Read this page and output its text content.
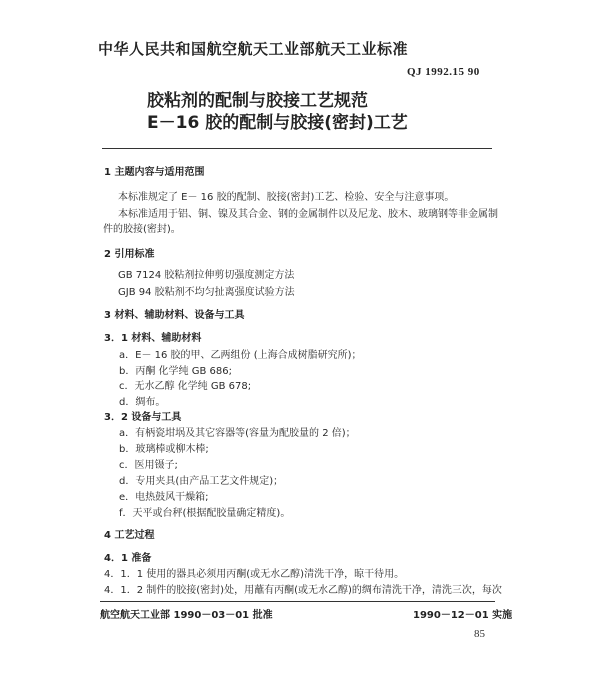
中华人民共和国航空航天工业部航天工业标准
QJ 1992.15 90
胶粘剂的配制与胶接工艺规范
E－16 胶的配制与胶接(密封)工艺
1 主题内容与适用范围
本标准规定了 E－ 16 胶的配制、胶接(密封)工艺、检验、安全与注意事项。
本标准适用于铝、铜、镍及其合金、钢的金属制件以及尼龙、胶木、玻璃钢等非金属制
件的胶接(密封)。
2 引用标准
GB 7124 胶粘剂拉伸剪切强度测定方法
GJB 94 胶粘剂不均匀扯离强度试验方法
3 材料、辅助材料、设备与工具
3．1 材料、辅助材料
a．E－ 16 胶的甲、乙两组份 (上海合成树脂研究所)；
b．丙酮 化学纯 GB 686;
c．无水乙醇 化学纯 GB 678;
d．绸布。
3．2 设备与工具
a．有柄瓷坩埚及其它容器等(容量为配胶量的 2 倍)；
b．玻璃棒或柳木棒;
c．医用镊子;
d．专用夹具(由产品工艺文件规定)；
e．电热鼓风干燥箱;
f．天平或台秤(根据配胶量确定精度)。
4 工艺过程
4．1 准备
4．1．1 使用的器具必须用丙酮(或无水乙醇)清洗干净，晾干待用。
4．1．2 制件的胶接(密封)处，用蘸有丙酮(或无水乙醇)的绸布清洗干净，清洗三次，每次
航空航天工业部 1990－03－01 批准	1990－12－01 实施
85
